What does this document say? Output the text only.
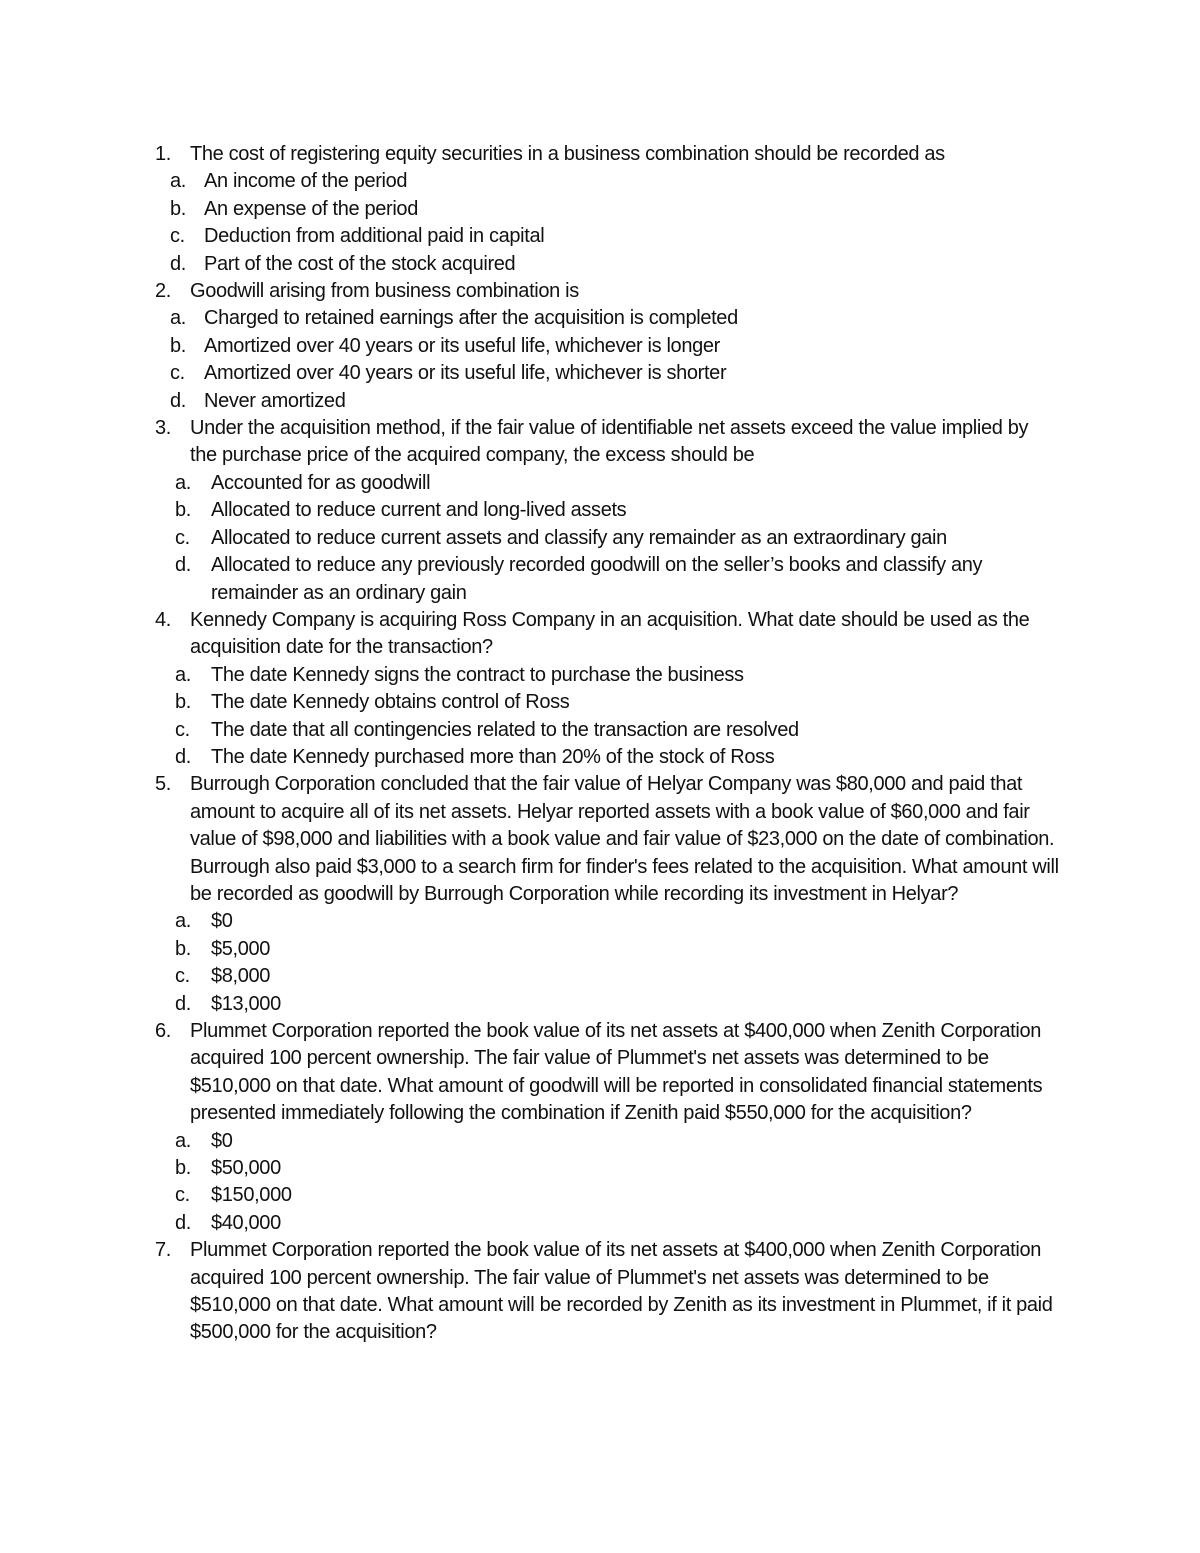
1. The cost of registering equity securities in a business combination should be recorded as
a. An income of the period
b. An expense of the period
c. Deduction from additional paid in capital
d. Part of the cost of the stock acquired
2. Goodwill arising from business combination is
a. Charged to retained earnings after the acquisition is completed
b. Amortized over 40 years or its useful life, whichever is longer
c. Amortized over 40 years or its useful life, whichever is shorter
d. Never amortized
3. Under the acquisition method, if the fair value of identifiable net assets exceed the value implied by the purchase price of the acquired company, the excess should be
a. Accounted for as goodwill
b. Allocated to reduce current and long-lived assets
c. Allocated to reduce current assets and classify any remainder as an extraordinary gain
d. Allocated to reduce any previously recorded goodwill on the seller’s books and classify any remainder as an ordinary gain
4. Kennedy Company is acquiring Ross Company in an acquisition. What date should be used as the acquisition date for the transaction?
a. The date Kennedy signs the contract to purchase the business
b. The date Kennedy obtains control of Ross
c. The date that all contingencies related to the transaction are resolved
d. The date Kennedy purchased more than 20% of the stock of Ross
5. Burrough Corporation concluded that the fair value of Helyar Company was $80,000 and paid that amount to acquire all of its net assets. Helyar reported assets with a book value of $60,000 and fair value of $98,000 and liabilities with a book value and fair value of $23,000 on the date of combination. Burrough also paid $3,000 to a search firm for finder's fees related to the acquisition. What amount will be recorded as goodwill by Burrough Corporation while recording its investment in Helyar?
a. $0
b. $5,000
c. $8,000
d. $13,000
6. Plummet Corporation reported the book value of its net assets at $400,000 when Zenith Corporation acquired 100 percent ownership. The fair value of Plummet's net assets was determined to be $510,000 on that date. What amount of goodwill will be reported in consolidated financial statements presented immediately following the combination if Zenith paid $550,000 for the acquisition?
a. $0
b. $50,000
c. $150,000
d. $40,000
7. Plummet Corporation reported the book value of its net assets at $400,000 when Zenith Corporation acquired 100 percent ownership. The fair value of Plummet's net assets was determined to be $510,000 on that date. What amount will be recorded by Zenith as its investment in Plummet, if it paid $500,000 for the acquisition?
